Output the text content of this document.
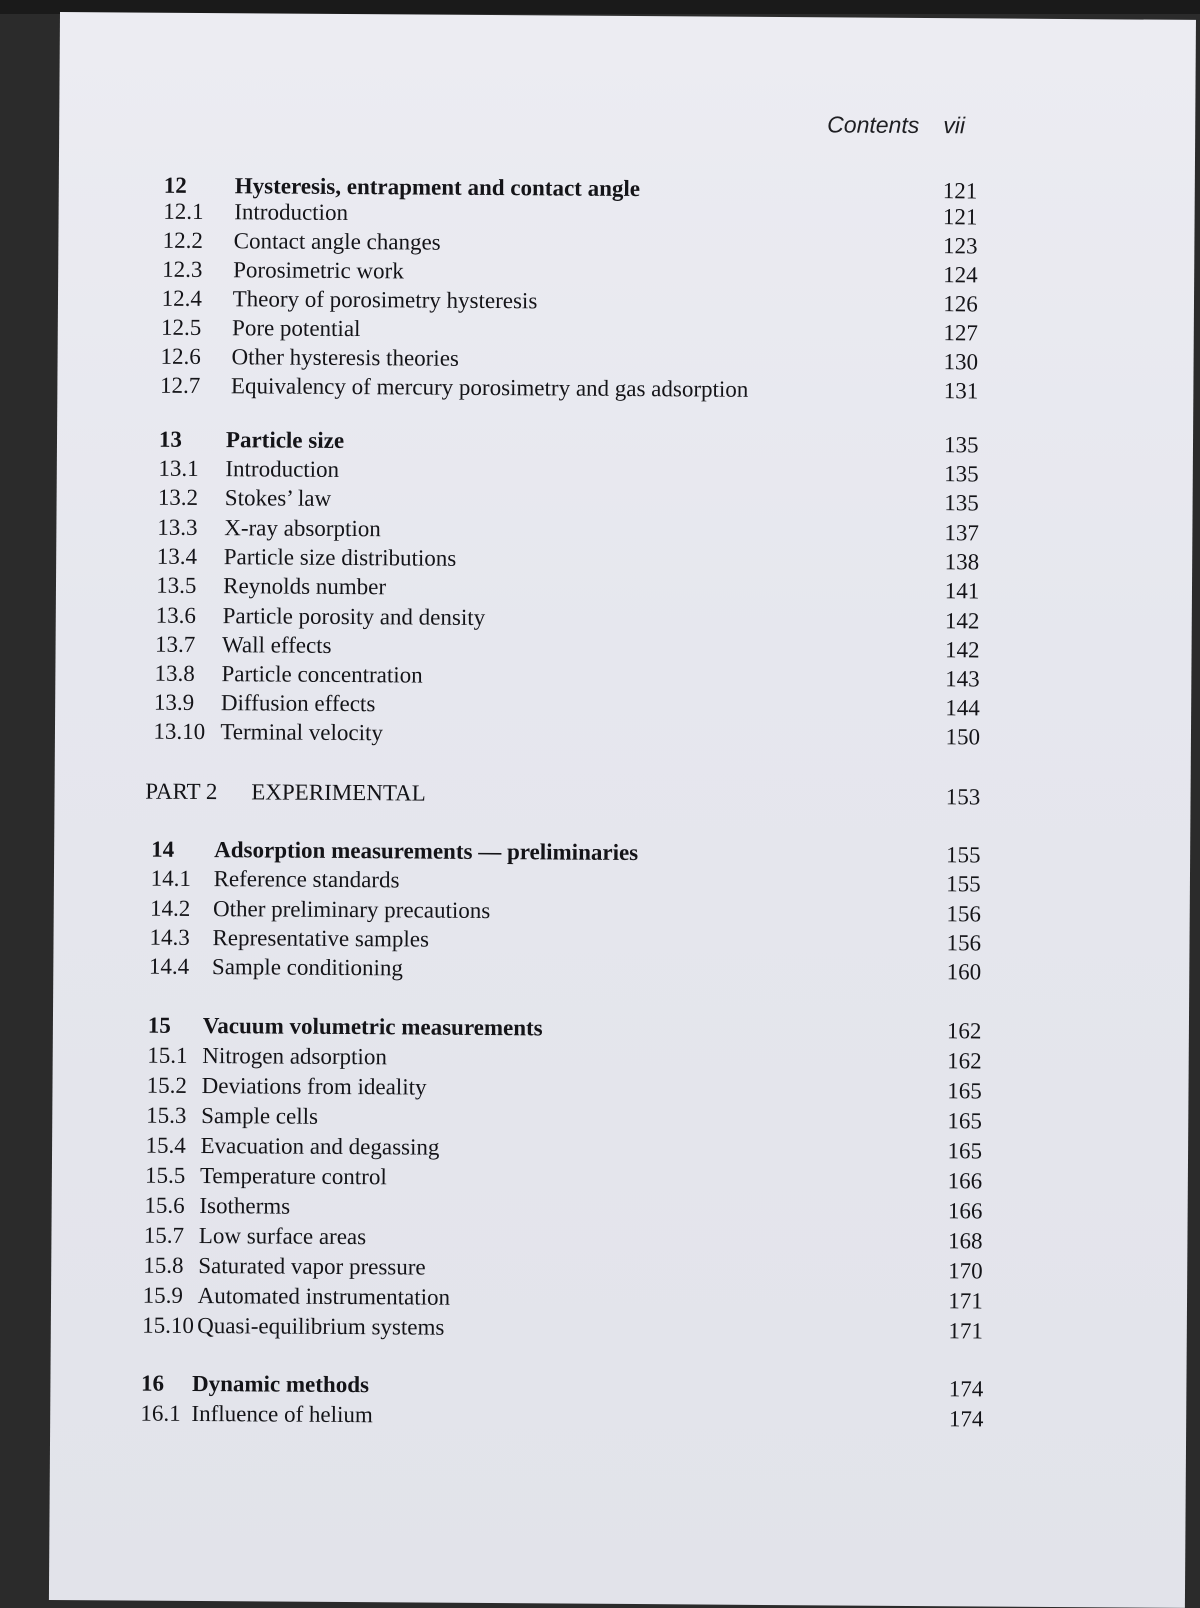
Contents vii
12 Hysteresis, entrapment and contact angle	121
12.1 Introduction	121
12.2 Contact angle changes	123
12.3 Porosimetric work	124
12.4 Theory of porosimetry hysteresis	126
12.5 Pore potential	127
12.6 Other hysteresis theories	130
12.7 Equivalency of mercury porosimetry and gas adsorption	131
13 Particle size	135
13.1 Introduction	135
13.2 Stokes’ law	135
13.3 X-ray absorption	137
13.4 Particle size distributions	138
13.5 Reynolds number	141
13.6 Particle porosity and density	142
13.7 Wall effects	142
13.8 Particle concentration	143
13.9 Diffusion effects	144
13.10 Terminal velocity	150
PART 2 EXPERIMENTAL	153
14 Adsorption measurements — preliminaries	155
14.1 Reference standards	155
14.2 Other preliminary precautions	156
14.3 Representative samples	156
14.4 Sample conditioning	160
15 Vacuum volumetric measurements	162
15.1 Nitrogen adsorption	162
15.2 Deviations from ideality	165
15.3 Sample cells	165
15.4 Evacuation and degassing	165
15.5 Temperature control	166
15.6 Isotherms	166
15.7 Low surface areas	168
15.8 Saturated vapor pressure	170
15.9 Automated instrumentation	171
15.10 Quasi-equilibrium systems	171
16 Dynamic methods	174
16.1 Influence of helium	174
